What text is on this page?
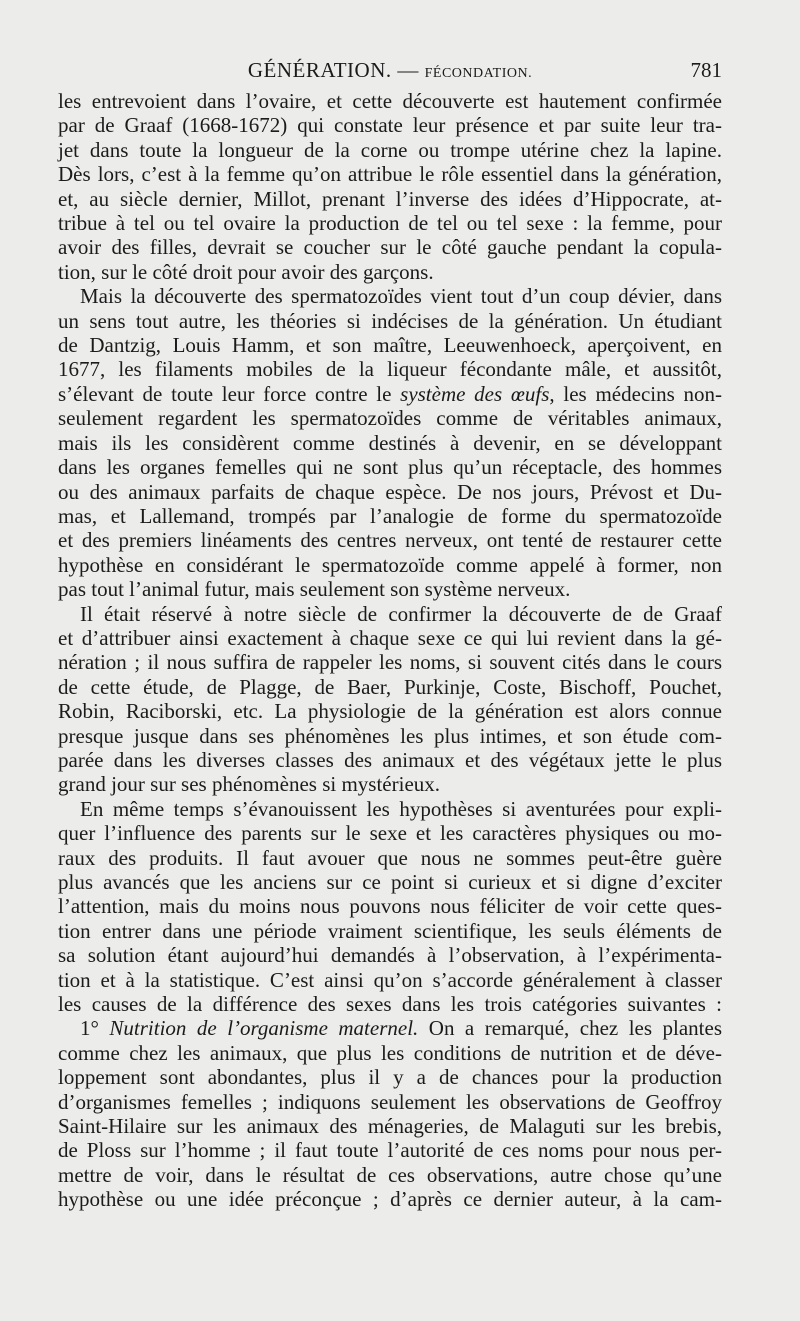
GÉNÉRATION. — FÉCONDATION.	781
les entrevoient dans l’ovaire, et cette découverte est hautement confirmée
par de Graaf (1668-1672) qui constate leur présence et par suite leur tra-
jet dans toute la longueur de la corne ou trompe utérine chez la lapine.
Dès lors, c’est à la femme qu’on attribue le rôle essentiel dans la génération,
et, au siècle dernier, Millot, prenant l’inverse des idées d’Hippocrate, at-
tribue à tel ou tel ovaire la production de tel ou tel sexe : la femme, pour
avoir des filles, devrait se coucher sur le côté gauche pendant la copula-
tion, sur le côté droit pour avoir des garçons.
Mais la découverte des spermatozoïdes vient tout d’un coup dévier, dans
un sens tout autre, les théories si indécises de la génération. Un étudiant
de Dantzig, Louis Hamm, et son maître, Leeuwenhoeck, aperçoivent, en
1677, les filaments mobiles de la liqueur fécondante mâle, et aussitôt,
s’élevant de toute leur force contre le système des œufs, les médecins non-
seulement regardent les spermatozoïdes comme de véritables animaux,
mais ils les considèrent comme destinés à devenir, en se développant
dans les organes femelles qui ne sont plus qu’un réceptacle, des hommes
ou des animaux parfaits de chaque espèce. De nos jours, Prévost et Du-
mas, et Lallemand, trompés par l’analogie de forme du spermatozoïde
et des premiers linéaments des centres nerveux, ont tenté de restaurer cette
hypothèse en considérant le spermatozoïde comme appelé à former, non
pas tout l’animal futur, mais seulement son système nerveux.
Il était réservé à notre siècle de confirmer la découverte de de Graaf
et d’attribuer ainsi exactement à chaque sexe ce qui lui revient dans la gé-
nération ; il nous suffira de rappeler les noms, si souvent cités dans le cours
de cette étude, de Plagge, de Baer, Purkinje, Coste, Bischoff, Pouchet,
Robin, Raciborski, etc. La physiologie de la génération est alors connue
presque jusque dans ses phénomènes les plus intimes, et son étude com-
parée dans les diverses classes des animaux et des végétaux jette le plus
grand jour sur ses phénomènes si mystérieux.
En même temps s’évanouissent les hypothèses si aventurées pour expli-
quer l’influence des parents sur le sexe et les caractères physiques ou mo-
raux des produits. Il faut avouer que nous ne sommes peut-être guère
plus avancés que les anciens sur ce point si curieux et si digne d’exciter
l’attention, mais du moins nous pouvons nous féliciter de voir cette ques-
tion entrer dans une période vraiment scientifique, les seuls éléments de
sa solution étant aujourd’hui demandés à l’observation, à l’expérimenta-
tion et à la statistique. C’est ainsi qu’on s’accorde généralement à classer
les causes de la différence des sexes dans les trois catégories suivantes :
1° Nutrition de l’organisme maternel. On a remarqué, chez les plantes
comme chez les animaux, que plus les conditions de nutrition et de déve-
loppement sont abondantes, plus il y a de chances pour la production
d’organismes femelles ; indiquons seulement les observations de Geoffroy
Saint-Hilaire sur les animaux des ménageries, de Malaguti sur les brebis,
de Ploss sur l’homme ; il faut toute l’autorité de ces noms pour nous per-
mettre de voir, dans le résultat de ces observations, autre chose qu’une
hypothèse ou une idée préconçue ; d’après ce dernier auteur, à la cam-
